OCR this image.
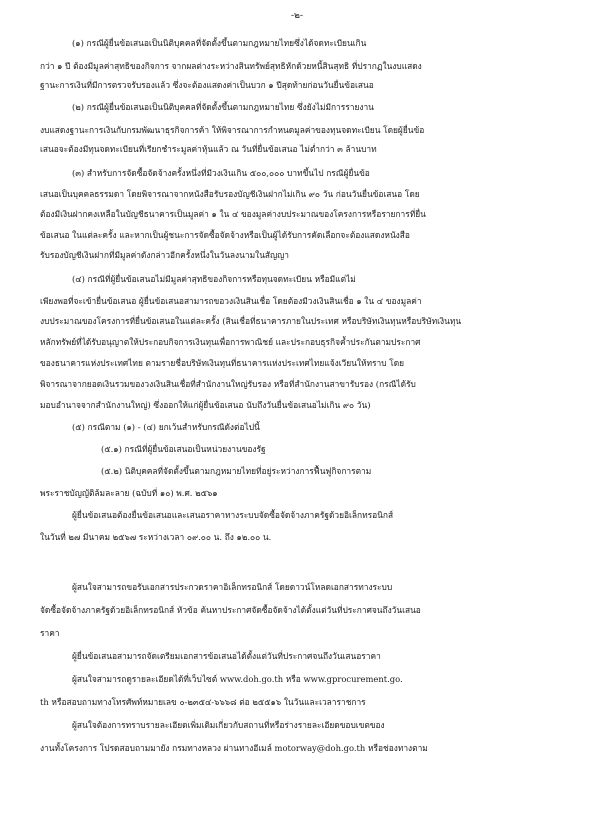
-๒-
(๑) กรณีผู้ยื่นข้อเสนอเป็นนิติบุคคลที่จัดตั้งขึ้นตามกฎหมายไทยซึ่งได้จดทะเบียนเกิน
กว่า ๑ ปี ต้องมีมูลค่าสุทธิของกิจการ จากผลต่างระหว่างสินทรัพย์สุทธิหักด้วยหนี้สินสุทธิ ที่ปรากฏในงบแสดง
ฐานะการเงินที่มีการตรวจรับรองแล้ว ซึ่งจะต้องแสดงค่าเป็นบวก ๑ ปีสุดท้ายก่อนวันยื่นข้อเสนอ
(๒) กรณีผู้ยื่นข้อเสนอเป็นนิติบุคคลที่จัดตั้งขึ้นตามกฎหมายไทย ซึ่งยังไม่มีการรายงาน
งบแสดงฐานะการเงินกับกรมพัฒนาธุรกิจการค้า ให้พิจารณาการกำหนดมูลค่าของทุนจดทะเบียน โดยผู้ยื่นข้อ
เสนอจะต้องมีทุนจดทะเบียนที่เรียกชำระมูลค่าหุ้นแล้ว ณ วันที่ยื่นข้อเสนอ ไม่ต่ำกว่า ๓ ล้านบาท
(๓) สำหรับการจัดซื้อจัดจ้างครั้งหนึ่งที่มีวงเงินเกิน ๕๐๐,๐๐๐ บาทขึ้นไป กรณีผู้ยื่นข้อ
เสนอเป็นบุคคลธรรมดา โดยพิจารณาจากหนังสือรับรองบัญชีเงินฝากไม่เกิน ๙๐ วัน ก่อนวันยื่นข้อเสนอ โดย
ต้องมีเงินฝากคงเหลือในบัญชีธนาคารเป็นมูลค่า ๑ ใน ๔ ของมูลค่างบประมาณของโครงการหรือรายการที่ยื่น
ข้อเสนอ ในแต่ละครั้ง และหากเป็นผู้ชนะการจัดซื้อจัดจ้างหรือเป็นผู้ได้รับการคัดเลือกจะต้องแสดงหนังสือ
รับรองบัญชีเงินฝากที่มีมูลค่าดังกล่าวอีกครั้งหนึ่งในวันลงนามในสัญญา
(๔) กรณีที่ผู้ยื่นข้อเสนอไม่มีมูลค่าสุทธิของกิจการหรือทุนจดทะเบียน หรือมีแต่ไม่
เพียงพอที่จะเข้ายื่นข้อเสนอ ผู้ยื่นข้อเสนอสามารถขอวงเงินสินเชื่อ โดยต้องมีวงเงินสินเชื่อ ๑ ใน ๔ ของมูลค่า
งบประมาณของโครงการที่ยื่นข้อเสนอในแต่ละครั้ง (สินเชื่อที่ธนาคารภายในประเทศ หรือบริษัทเงินทุนหรือบริษัทเงินทุน
หลักทรัพย์ที่ได้รับอนุญาตให้ประกอบกิจการเงินทุนเพื่อการพาณิชย์ และประกอบธุรกิจค้ำประกันตามประกาศ
ของธนาคารแห่งประเทศไทย ตามรายชื่อบริษัทเงินทุนที่ธนาคารแห่งประเทศไทยแจ้งเวียนให้ทราบ โดย
พิจารณาจากยอดเงินรวมของวงเงินสินเชื่อที่สำนักงานใหญ่รับรอง หรือที่สำนักงานสาขารับรอง (กรณีได้รับ
มอบอำนาจจากสำนักงานใหญ่) ซึ่งออกให้แก่ผู้ยื่นข้อเสนอ นับถึงวันยื่นข้อเสนอไม่เกิน ๙๐ วัน)
(๕) กรณีตาม (๑) - (๔) ยกเว้นสำหรับกรณีดังต่อไปนี้
(๕.๑) กรณีที่ผู้ยื่นข้อเสนอเป็นหน่วยงานของรัฐ
(๕.๒) นิติบุคคลที่จัดตั้งขึ้นตามกฎหมายไทยที่อยู่ระหว่างการฟื้นฟูกิจการตาม
พระราชบัญญัติล้มละลาย (ฉบับที่ ๑๐) พ.ศ. ๒๕๖๑
ผู้ยื่นข้อเสนอต้องยื่นข้อเสนอและเสนอราคาทางระบบจัดซื้อจัดจ้างภาครัฐด้วยอิเล็กทรอนิกส์
ในวันที่ ๒๗ มีนาคม ๒๕๖๗ ระหว่างเวลา ๐๙.๐๐ น. ถึง ๑๒.๐๐ น.
ผู้สนใจสามารถขอรับเอกสารประกวดราคาอิเล็กทรอนิกส์ โดยดาวน์โหลดเอกสารทางระบบ
จัดซื้อจัดจ้างภาครัฐด้วยอิเล็กทรอนิกส์ หัวข้อ ค้นหาประกาศจัดซื้อจัดจ้างได้ตั้งแต่วันที่ประกาศจนถึงวันเสนอ
ราคา
ผู้ยื่นข้อเสนอสามารถจัดเตรียมเอกสารข้อเสนอได้ตั้งแต่วันที่ประกาศจนถึงวันเสนอราคา
ผู้สนใจสามารถดูรายละเอียดได้ที่เว็บไซต์ www.doh.go.th หรือ www.gprocurement.go.
th หรือสอบถามทางโทรศัพท์หมายเลข ๐-๒๓๕๔-๖๖๖๘ ต่อ ๒๕๕๑๖ ในวันและเวลาราชการ
ผู้สนใจต้องการทราบรายละเอียดเพิ่มเติมเกี่ยวกับสถานที่หรือร่างรายละเอียดขอบเขตของ
งานทั้งโครงการ โปรดสอบถามมายัง กรมทางหลวง ผ่านทางอีเมล์ motorway@doh.go.th หรือช่องทางตาม
